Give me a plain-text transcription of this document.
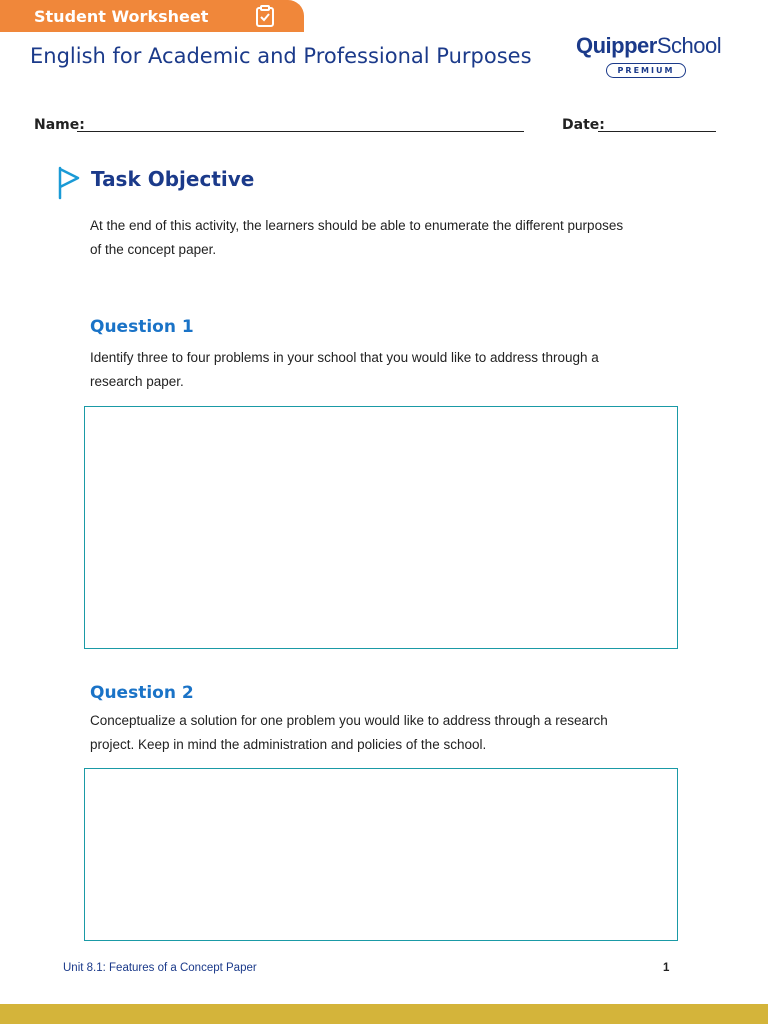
Student Worksheet
English for Academic and Professional Purposes QuipperSchool
PREMIUM
Name:	Date:
Task Objective
At the end of this activity, the learners should be able to enumerate the different purposes
of the concept paper.
Question 1
Identify three to four problems in your school that you would like to address through a
research paper.
Question 2
Conceptualize a solution for one problem you would like to address through a research
project. Keep in mind the administration and policies of the school.
Unit 8.1: Features of a Concept Paper	1
